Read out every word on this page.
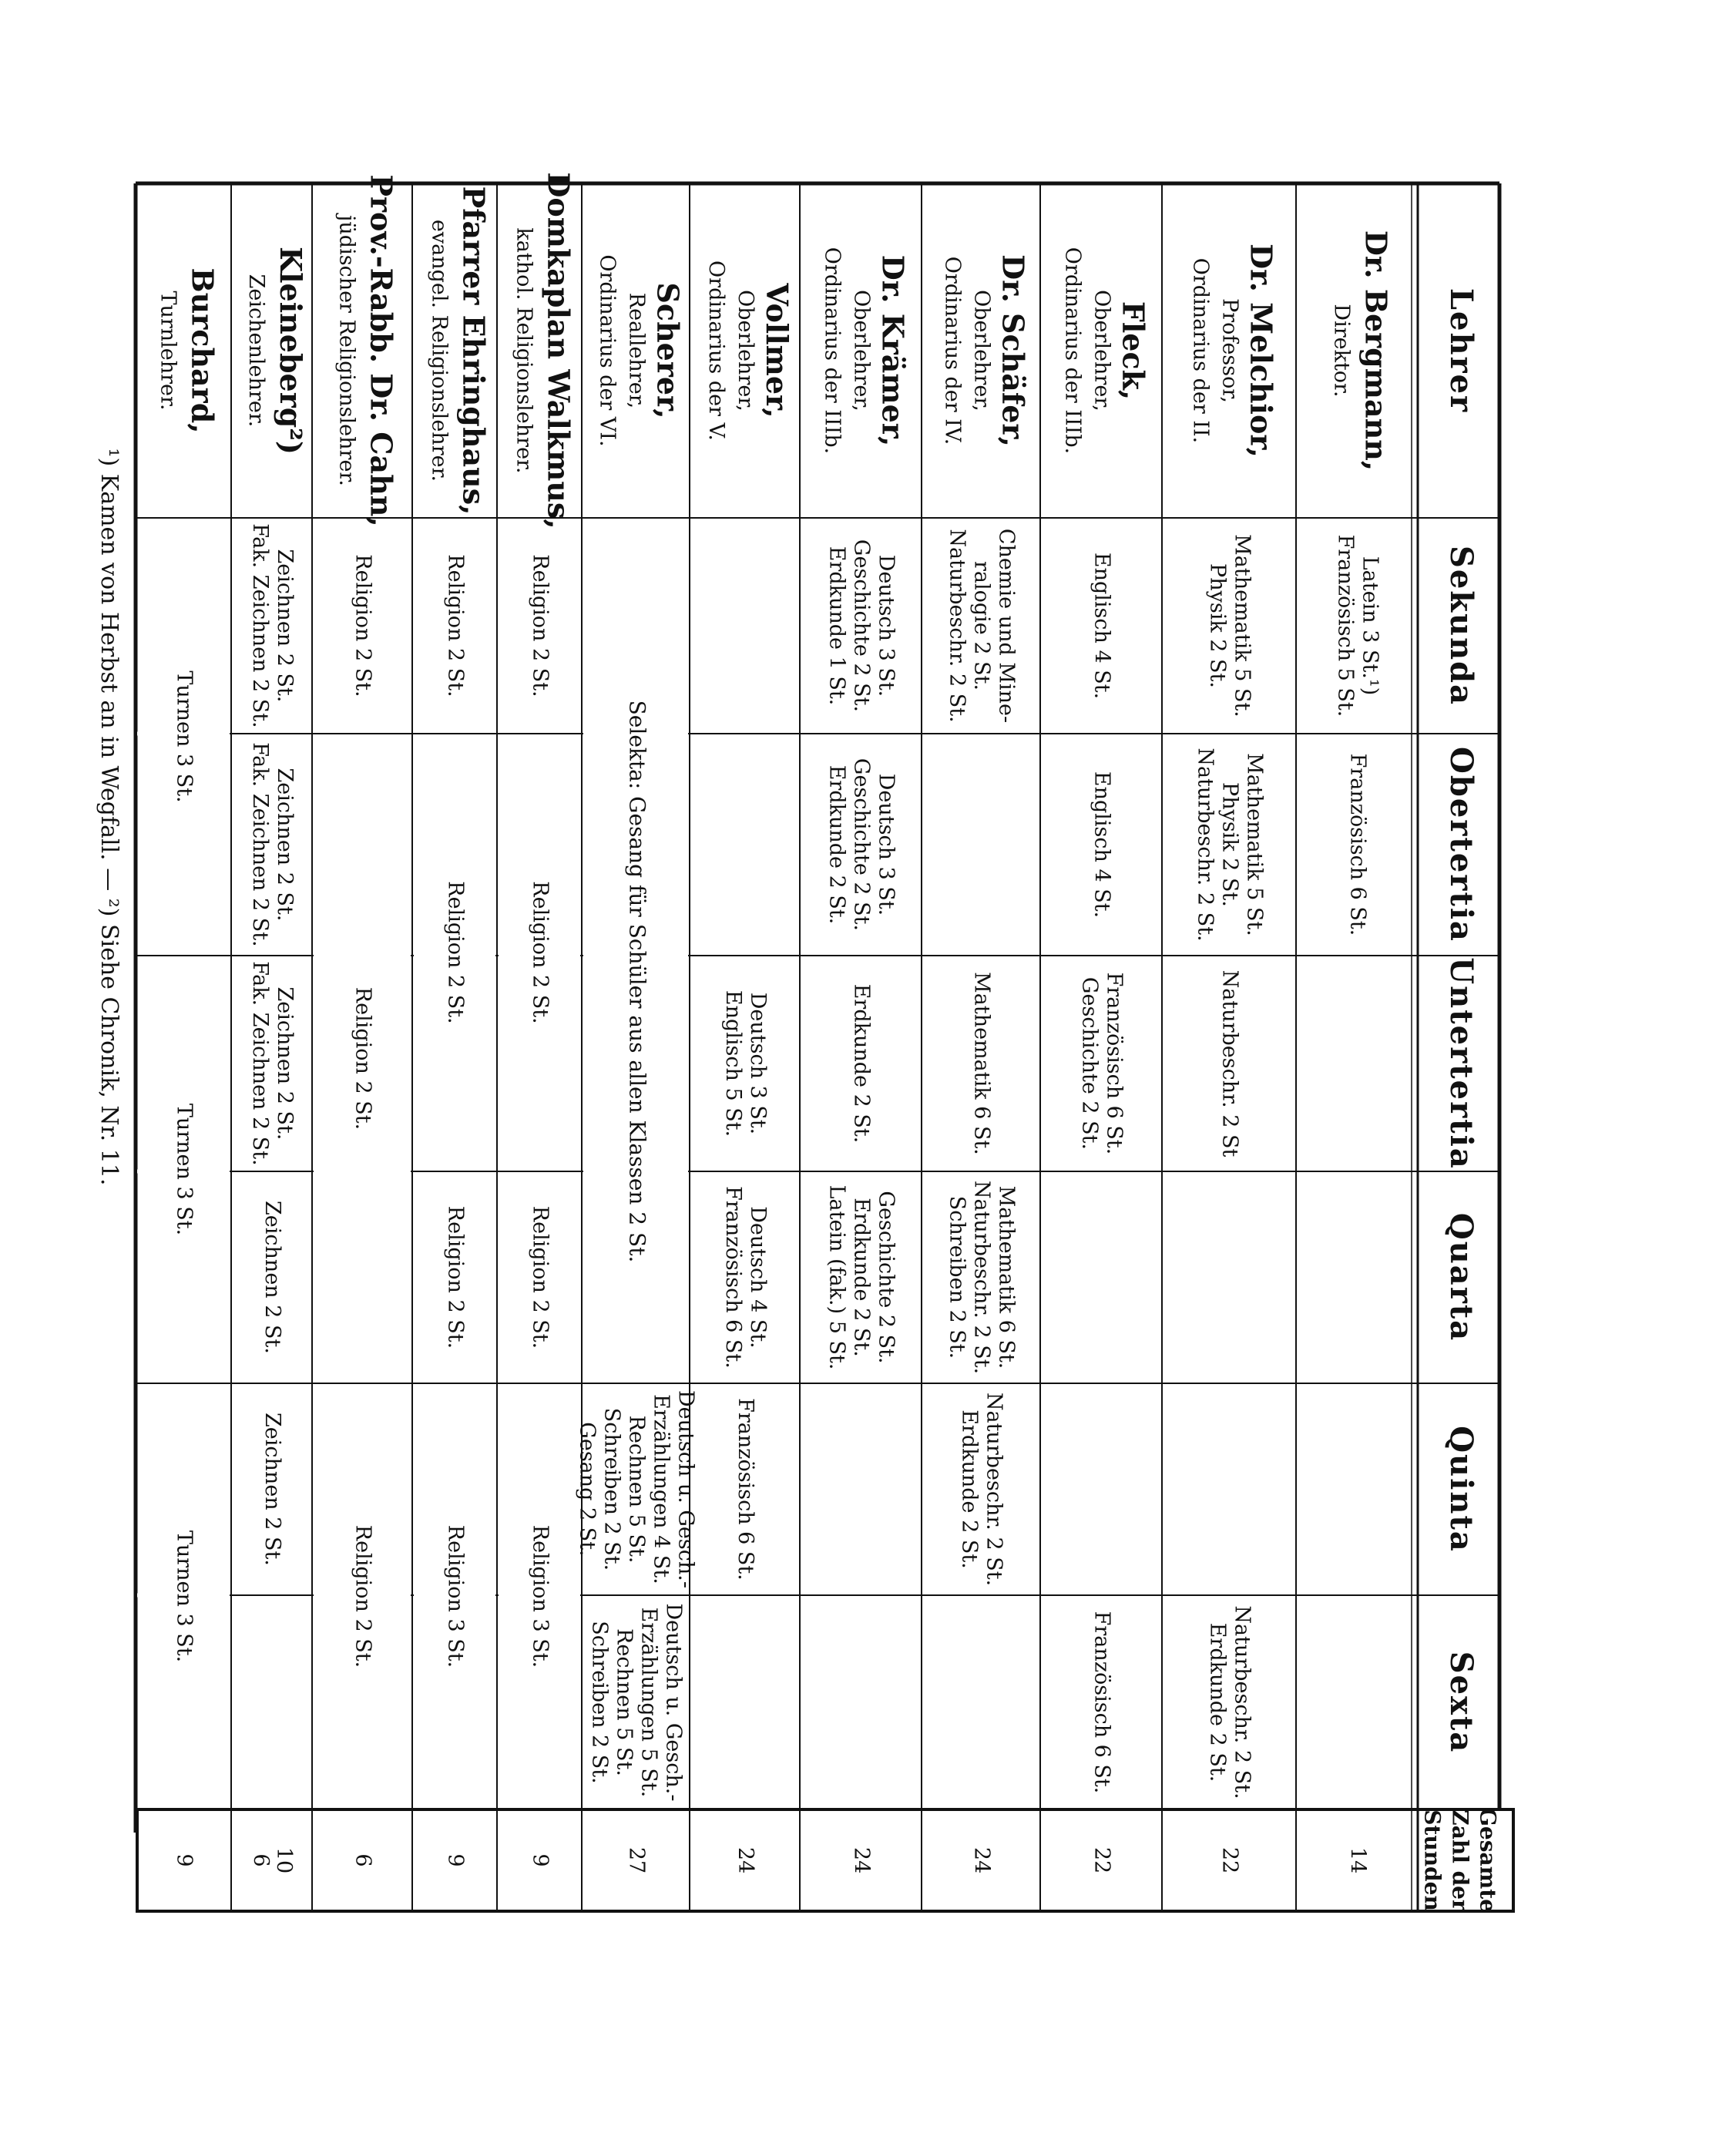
Lehrer
Sekunda
Obertertia
Untertertia
Quarta
Quinta
Sexta
Gesamte
Zahl der
Stunden
Dr. Bergmann,
Direktor.
Latein 3 St.¹)
Französisch 5 St.
Französisch 6 St.
14
Dr. Melchior,
Professor,
Ordinarius der II.
Mathematik 5 St.
Physik 2 St.
Mathematik 5 St.
Physik 2 St.
Naturbeschr. 2 St.
Naturbeschr. 2 St
Naturbeschr. 2 St.
Erdkunde 2 St.
22
Fleck,
Oberlehrer,
Ordinarius der IIIb.
Englisch 4 St.
Englisch 4 St.
Französisch 6 St.
Geschichte 2 St.
Französisch 6 St.
22
Dr. Schäfer,
Oberlehrer,
Ordinarius der IV.
Chemie und Mine-
ralogie 2 St.
Naturbeschr. 2 St.
Mathematik 6 St.
Mathematik 6 St.
Naturbeschr. 2 St.
Schreiben 2 St.
Naturbeschr. 2 St.
Erdkunde 2 St.
24
Dr. Krämer,
Oberlehrer,
Ordinarius der IIIb.
Deutsch 3 St.
Geschichte 2 St.
Erdkunde 1 St.
Deutsch 3 St.
Geschichte 2 St.
Erdkunde 2 St.
Erdkunde 2 St.
Geschichte 2 St.
Erdkunde 2 St.
Latein (fak.) 5 St.
24
Vollmer,
Oberlehrer,
Ordinarius der V.
Deutsch 3 St.
Englisch 5 St.
Deutsch 4 St.
Französisch 6 St.
Französisch 6 St.
24
Scherer,
Reallehrer,
Ordinarius der VI.
Selekta: Gesang für Schüler aus allen Klassen 2 St.
Deutsch u. Gesch.-
Erzählungen 4 St.
Rechnen 5 St.
Schreiben 2 St.
Gesang 2 St.
Deutsch u. Gesch.-
Erzählungen 5 St.
Rechnen 5 St.
Schreiben 2 St.
27
Domkaplan Walkmus,
kathol. Religionslehrer.
Religion 2 St.
Religion 2 St.
Religion 2 St.
Religion 3 St.
9
Pfarrer Ehringhaus,
evangel. Religionslehrer.
Religion 2 St.
Religion 2 St.
Religion 2 St.
Religion 3 St.
9
Prov.-Rabb. Dr. Cahn,
jüdischer Religionslehrer.
Religion 2 St.
Religion 2 St.
Religion 2 St.
6
Kleineberg²)
Zeichenlehrer.
Zeichnen 2 St.
Fak. Zeichnen 2 St.
Zeichnen 2 St.
Fak. Zeichnen 2 St.
Zeichnen 2 St.
Fak. Zeichnen 2 St.
Zeichnen 2 St.
Zeichnen 2 St.
10
6
Burchard,
Turnlehrer.
Turnen 3 St.
Turnen 3 St.
Turnen 3 St.
9
¹) Kamen von Herbst an in Wegfall. — ²) Siehe Chronik, Nr. 11.
